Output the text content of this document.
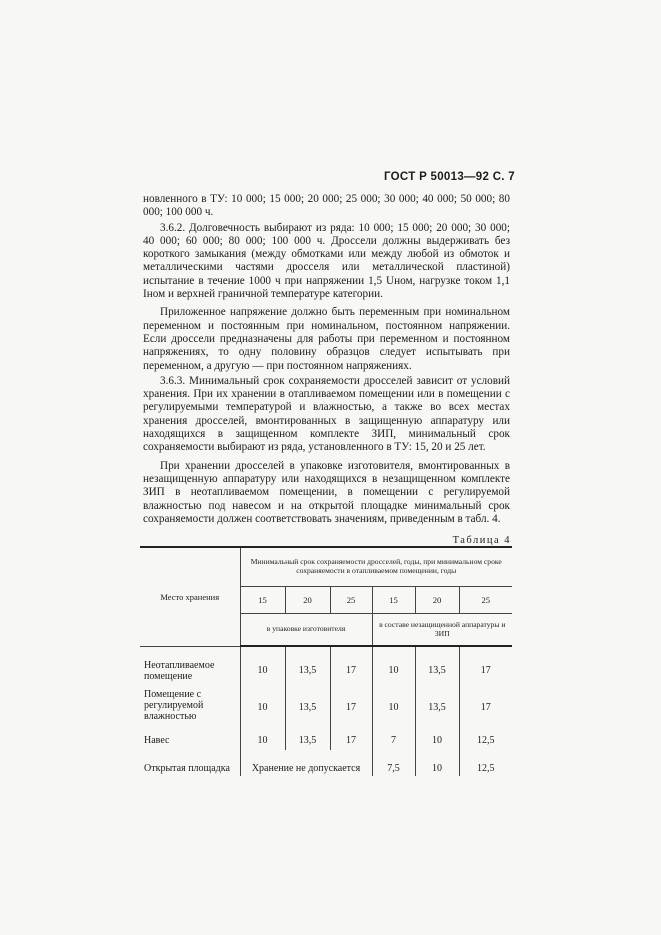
ГОСТ Р 50013—92 С. 7

новленного в ТУ: 10 000; 15 000; 20 000; 25 000; 30 000; 40 000; 50 000; 80 000; 100 000 ч.

3.6.2. Долговечность выбирают из ряда: 10 000; 15 000; 20 000; 30 000; 40 000; 60 000; 80 000; 100 000 ч. Дроссели должны выдерживать без короткого замыкания (между обмотками или между любой из обмоток и металлическими частями дросселя или металлической пластиной) испытание в течение 1000 ч при напряжении 1,5 Uном, нагрузке током 1,1 Iном и верхней граничной температуре категории.

Приложенное напряжение должно быть переменным при номинальном переменном и постоянным при номинальном, постоянном напряжении. Если дроссели предназначены для работы при переменном и постоянном напряжениях, то одну половину образцов следует испытывать при переменном, а другую — при постоянном напряжениях.

3.6.3. Минимальный срок сохраняемости дросселей зависит от условий хранения. При их хранении в отапливаемом помещении или в помещении с регулируемыми температурой и влажностью, а также во всех местах хранения дросселей, вмонтированных в защищенную аппаратуру или находящихся в защищенном комплекте ЗИП, минимальный срок сохраняемости выбирают из ряда, установленного в ТУ: 15, 20 и 25 лет.

При хранении дросселей в упаковке изготовителя, вмонтированных в незащищенную аппаратуру или находящихся в незащищенном комплекте ЗИП в неотапливаемом помещении, в помещении с регулируемой влажностью под навесом и на открытой площадке минимальный срок сохраняемости должен соответствовать значениям, приведенным в табл. 4.

Таблица 4
Место хранения	Минимальный срок сохраняемости дросселей, годы, при минимальном сроке сохраняемости в отапливаемом помещении, годы					
	15	20	25	15	20	25
	в упаковке изготовителя			в составе незащищенной аппаратуры и ЗИП		
Неотапливаемое помещение	10	13,5	17	10	13,5	17
Помещение с регулируемой влажностью	10	13,5	17	10	13,5	17
Навес	10	13,5	17	7	10	12,5
Открытая площадка	Хранение не допускается			7,5	10	12,5
